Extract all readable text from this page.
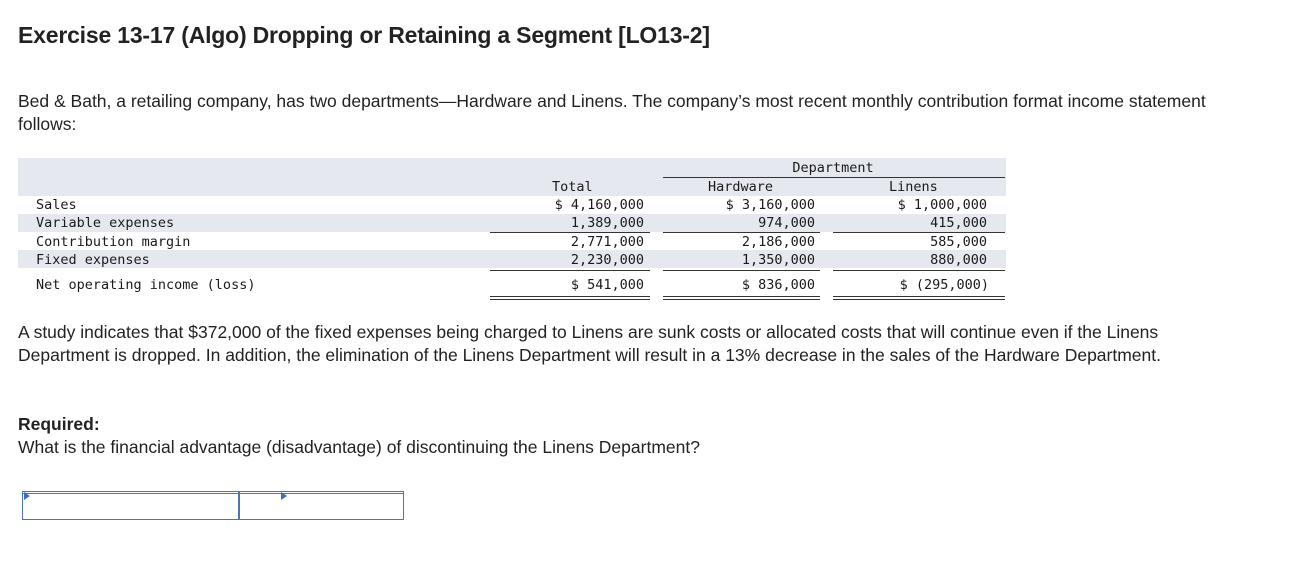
Exercise 13-17 (Algo) Dropping or Retaining a Segment [LO13-2]

Bed & Bath, a retailing company, has two departments—Hardware and Linens. The company’s most recent monthly contribution format income statement follows:

Department
Total	Hardware	Linens
Sales	$ 4,160,000	$ 3,160,000	$ 1,000,000
Variable expenses	1,389,000	974,000	415,000
Contribution margin	2,771,000	2,186,000	585,000
Fixed expenses	2,230,000	1,350,000	880,000
Net operating income (loss)	$ 541,000	$ 836,000	$ (295,000)

A study indicates that $372,000 of the fixed expenses being charged to Linens are sunk costs or allocated costs that will continue even if the Linens Department is dropped. In addition, the elimination of the Linens Department will result in a 13% decrease in the sales of the Hardware Department.

Required:
What is the financial advantage (disadvantage) of discontinuing the Linens Department?
